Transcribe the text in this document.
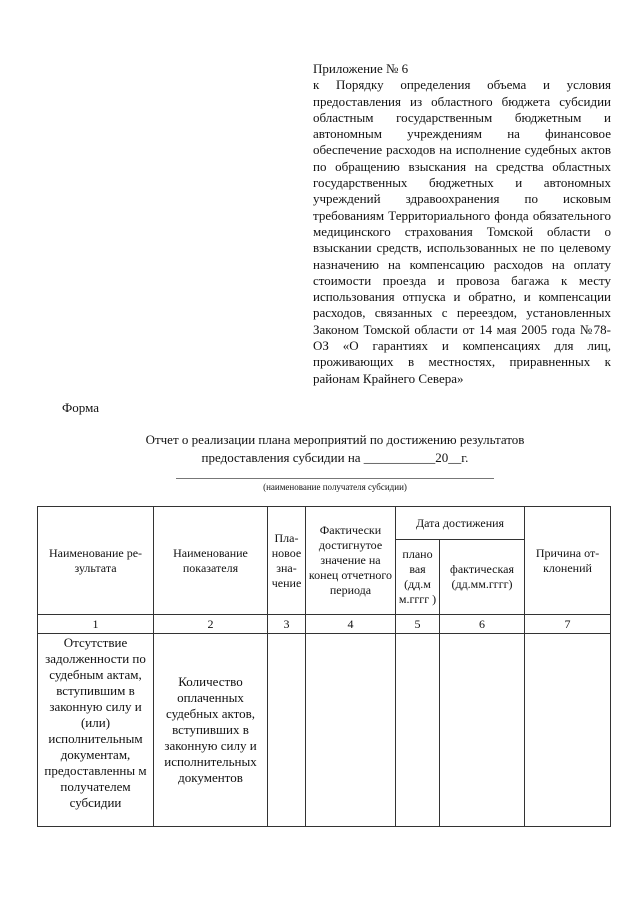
Приложение № 6
к Порядку определения объема и условия предоставления из областного бюджета субсидии областным государственным бюджетным и автономным учреждениям на финансовое обеспечение расходов на исполнение судебных актов по обращению взыскания на средства областных государственных бюджетных и автономных учреждений здравоохранения по исковым требованиям Территориального фонда обязательного медицинского страхования Томской области о взыскании средств, использованных не по целевому назначению на компенсацию расходов на оплату стоимости проезда и провоза багажа к месту использования отпуска и обратно, и компенсации расходов, связанных с переездом, установленных Законом Томской области от 14 мая 2005 года №78-ОЗ «О гарантиях и компенсациях для лиц, проживающих в местностях, приравненных к районам Крайнего Севера»
Форма
Отчет о реализации плана мероприятий по достижению результатов
предоставления субсидии на ___________20__г.
(наименование получателя субсидии)
Наименование ре-зультата	Наименование показателя	Пла-новое зна-чение	Фактически достигнутое значение на конец отчетного периода	Дата достижения		Причина от-клонений
				плано вая (дд.м м.гггг )	фактическая (дд.мм.гггг)	
1	2	3	4	5	6	7
Отсутствие задолженности по судебным актам, вступившим в законную силу и (или) исполнительным документам, предоставленны м получателем субсидии	Количество оплаченных судебных актов, вступивших в законную силу и исполнительных документов					
